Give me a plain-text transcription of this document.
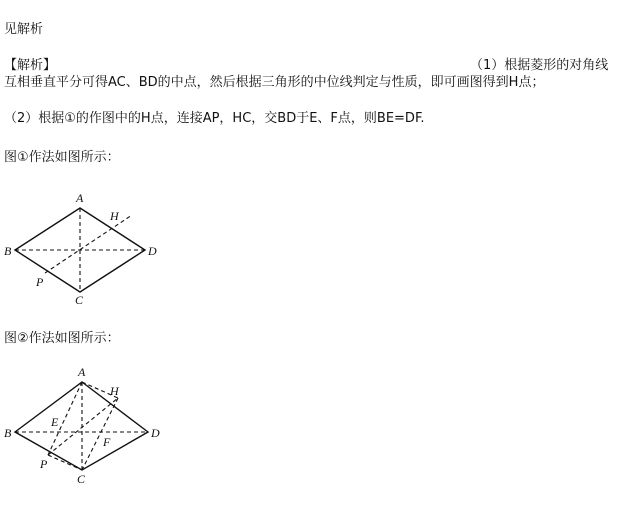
见解析
【解析】	（1）根据菱形的对角线
互相垂直平分可得AC、BD的中点，然后根据三角形的中位线判定与性质，即可画图得到H点；
（2）根据①的作图中的H点，连接AP，HC，交BD于E、F点，则BE=DF.
图①作法如图所示：
A
B
C
D
H
P
图②作法如图所示：
A
B
C
D
H
P
E
F
